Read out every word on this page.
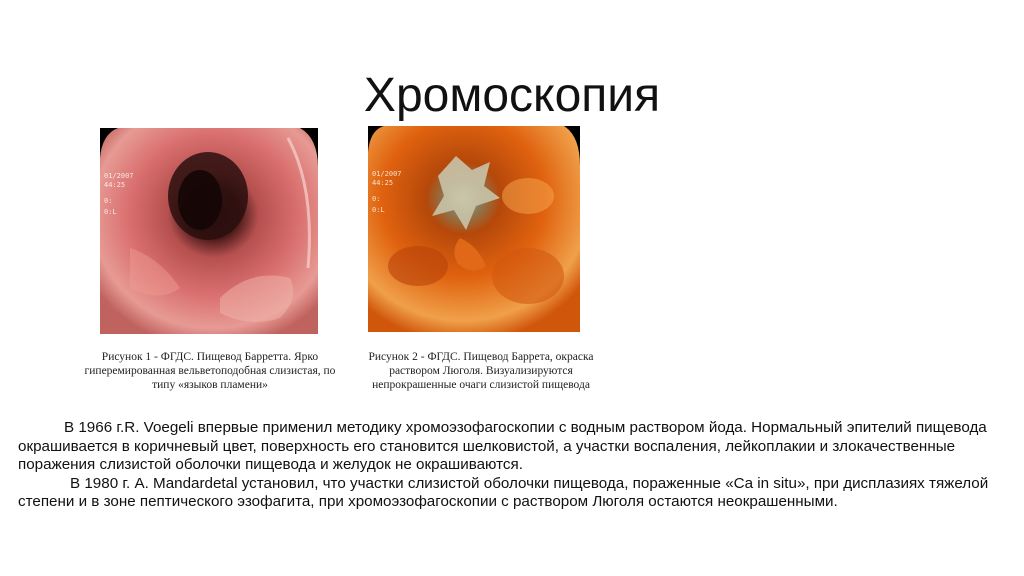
Хромоскопия
01/2007
44:25
0:
0:L
01/2007
44:25
0:
0:L
Рисунок 1 - ФГДС. Пищевод Барретта. Ярко гиперемированная вельветоподобная слизистая, по типу «языков пламени»
Рисунок 2 - ФГДС. Пищевод Баррета, окраска раствором Люголя. Визуализируются непрокрашенные очаги слизистой пищевода

В 1966 г.R. Voegeli впервые применил методику хромоэзофагоскопии с водным раствором йода. Нормальный эпителий пищевода окрашивается в коричневый цвет, поверхность его становится шелковистой, а участки воспаления, лейкоплакии и злокачественные поражения слизистой оболочки пищевода и желудок не окрашиваются.

В 1980 г. A. Mandardetal установил, что участки слизистой оболочки пищевода, пораженные «Ca in situ», при дисплазиях тяжелой степени и в зоне пептического эзофагита, при хромоэзофагоскопии с раствором Люголя остаются неокрашенными.
